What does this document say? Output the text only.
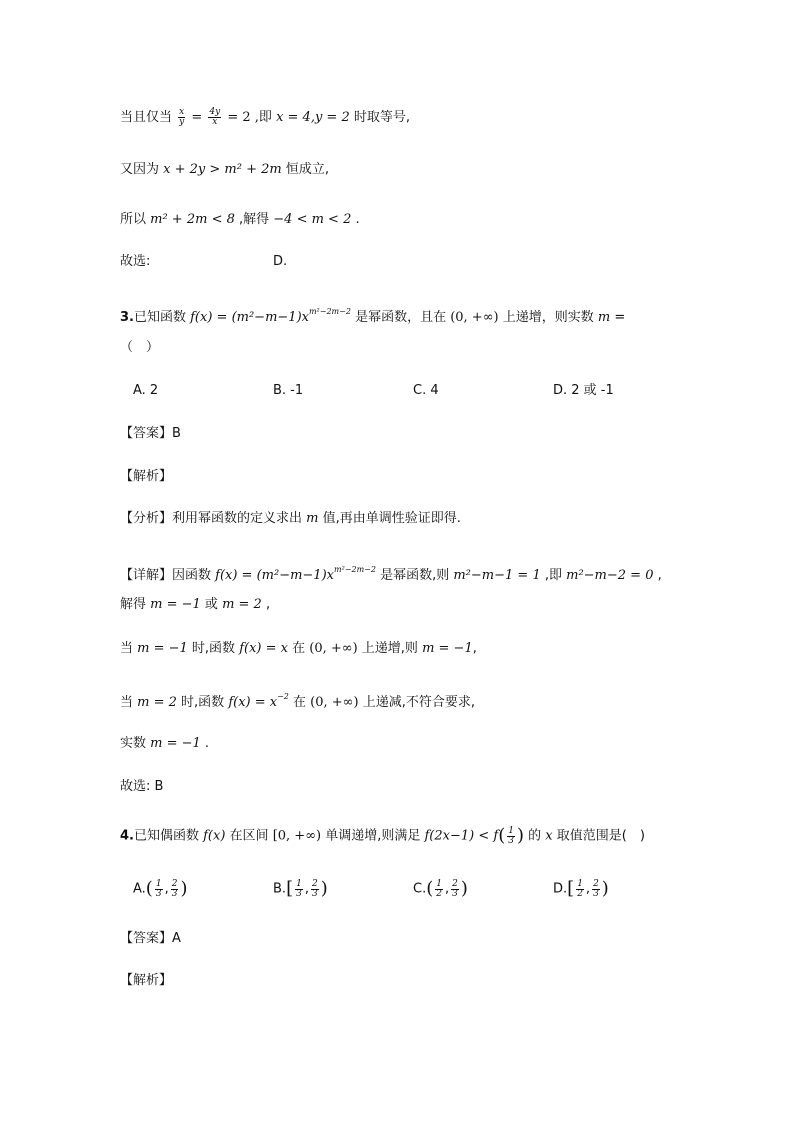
当且仅当 $\frac{x}{y} = \frac{4y}{x} = 2$ ,即 x = 4,y = 2 时取等号,
又因为 x + 2y > m² + 2m 恒成立,
所以 m² + 2m < 8 ,解得 −4 < m < 2 .
故选:	D.
3.已知函数 $f(x) = (m^2-m-1)x^{m^2-2m-2}$ 是幂函数，且在 (0, +∞) 上递增，则实数 m =
（　）
A. 2	B. -1	C. 4	D. 2 或 -1
【答案】B
【解析】
【分析】利用幂函数的定义求出 m 值,再由单调性验证即得.
【详解】因函数 $f(x) = (m^2-m-1)x^{m^2-2m-2}$ 是幂函数,则 m²−m−1 = 1 ,即 m²−m−2 = 0 ,
解得 m = −1 或 m = 2 ,
当 m = −1 时,函数 f(x) = x 在 (0, +∞) 上递增,则 m = −1,
当 m = 2 时,函数 $f(x) = x^{-2}$ 在 (0, +∞) 上递减,不符合要求,
实数 m = −1 .
故选: B
4.已知偶函数 f(x) 在区间 [0, +∞) 单调递增,则满足 $f(2x-1) < f( \frac{1}{3}$ ) 的 x 取值范围是(　)
$A.( \frac{1}{3}$ , $\frac{2}{3}$ )	$B.[ \frac{1}{3}$ , $\frac{2}{3}$ )	$C.( \frac{1}{2}$ , $\frac{2}{3}$ )	$D.[ \frac{1}{2}$ , $\frac{2}{3}$ )
【答案】A
【解析】
